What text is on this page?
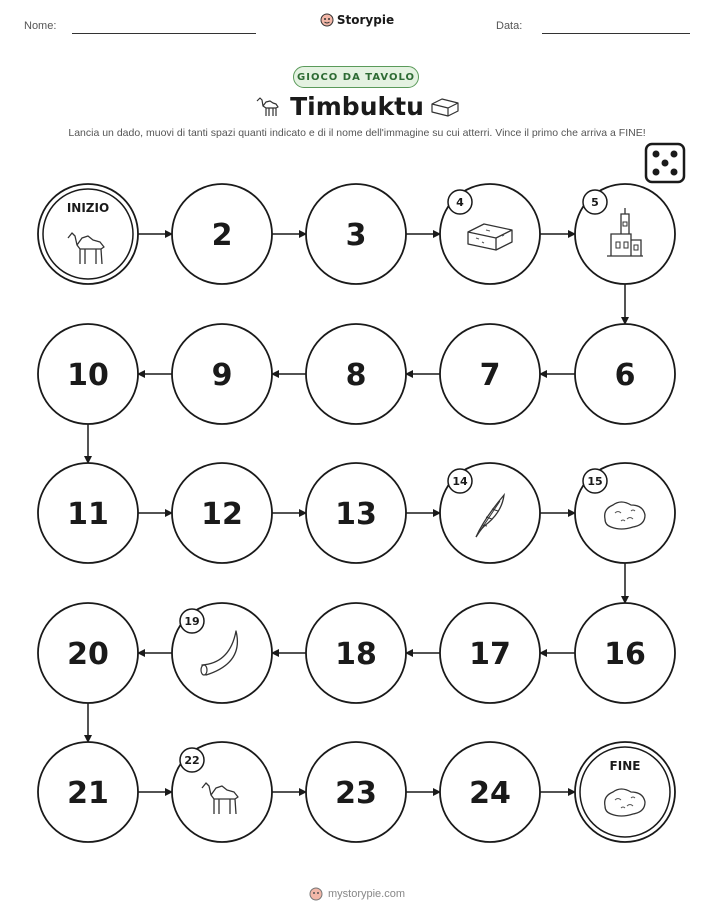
Nome:	Storypie	Data:
GIOCO DA TAVOLO
Timbuktu
Lancia un dado, muovi di tanti spazi quanti indicato e di il nome dell'immagine su cui atterri. Vince il primo che arriva a FINE!
INIZIO
2	3
4	5
6
7
8
9
10
11	12	13
14	15
16
17
18
19
20
21
22
23	24
FINE
mystorypie.com
